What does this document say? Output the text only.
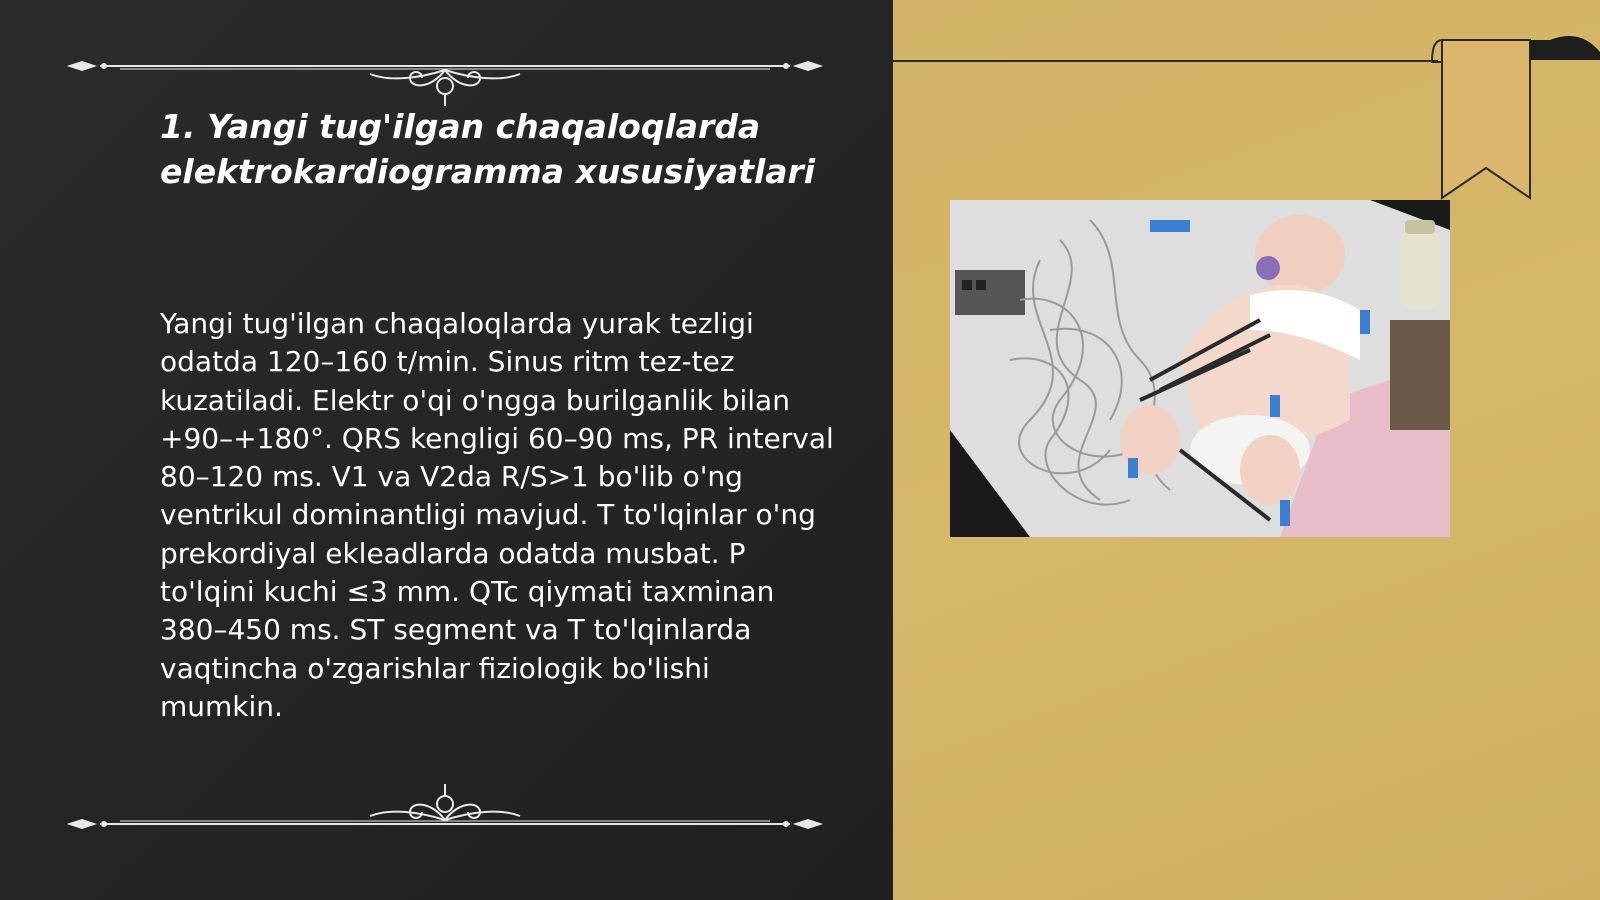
1. Yangi tug'ilgan chaqaloqlarda elektrokardiogramma xususiyatlari

Yangi tug'ilgan chaqaloqlarda yurak tezligi odatda 120–160 t/min. Sinus ritm tez-tez kuzatiladi. Elektr o'qi o'ngga burilganlik bilan +90–+180°. QRS kengligi 60–90 ms, PR interval 80–120 ms. V1 va V2da R/S>1 bo'lib o'ng ventrikul dominantligi mavjud. T to'lqinlar o'ng prekordiyal ekleadlarda odatda musbat. P to'lqini kuchi ≤3 mm. QTc qiymati taxminan 380–450 ms. ST segment va T to'lqinlarda vaqtincha o'zgarishlar fiziologik bo'lishi mumkin.
